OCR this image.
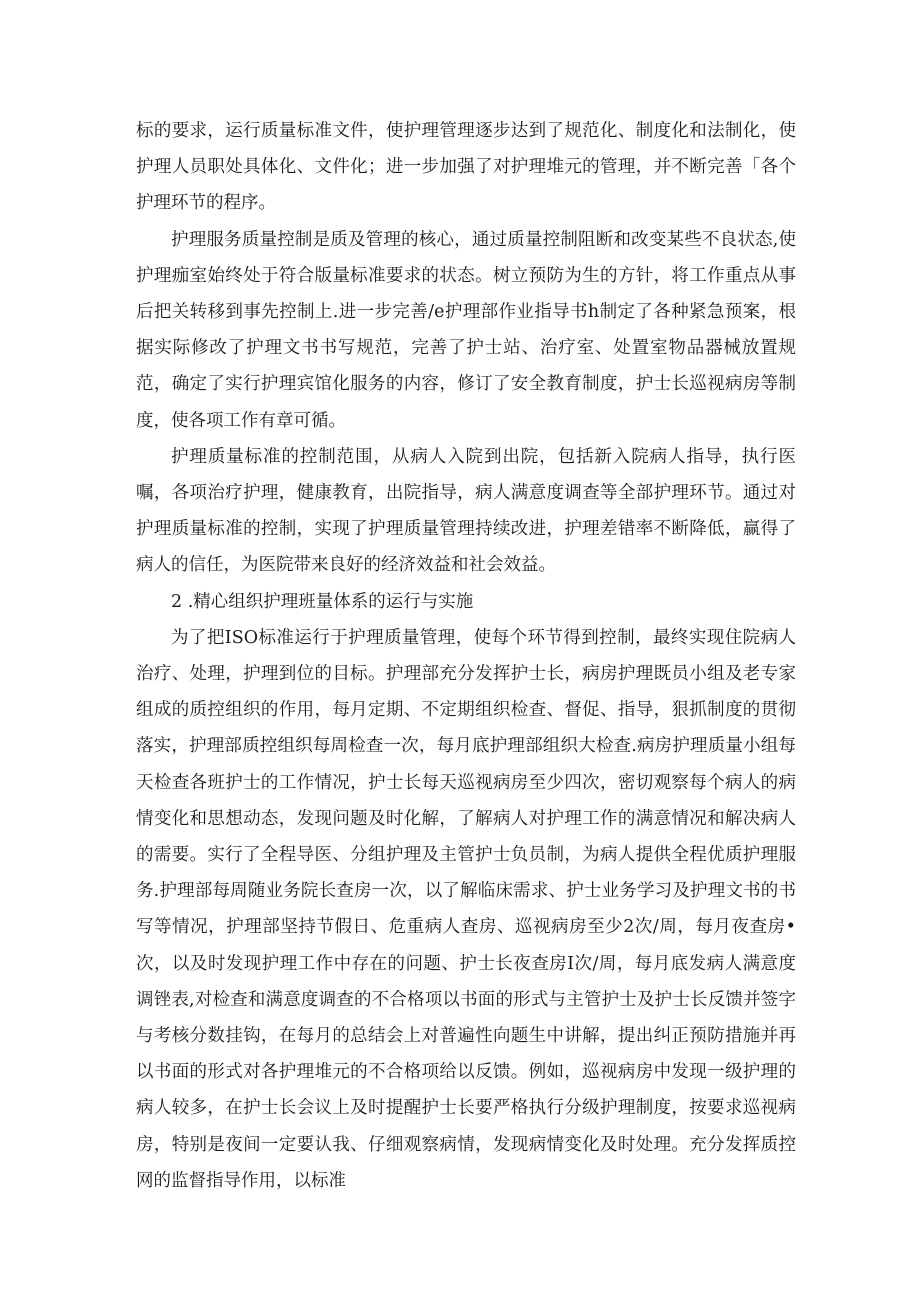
标的要求，运行质量标准文件，使护理管理逐步达到了规范化、制度化和法制化，使护理人员职处具体化、文件化；进一步加强了对护理堆元的管理，并不断完善「各个护理环节的程序。

护理服务质量控制是质及管理的核心，通过质量控制阻断和改变某些不良状态,使护理痂室始终处于符合版量标准要求的状态。树立预防为生的方针，将工作重点从事后把关转移到事先控制上.进一步完善/e护理部作业指导书h制定了各种紧急预案，根据实际修改了护理文书书写规范，完善了护士站、治疗室、处置室物品器械放置规范，确定了实行护理宾馆化服务的内容，修订了安全教育制度，护士长巡视病房等制度，使各项工作有章可循。

护理质量标准的控制范围，从病人入院到出院，包括新入院病人指导，执行医嘱，各项治疗护理，健康教育，出院指导，病人满意度调查等全部护理环节。通过对护理质量标准的控制，实现了护理质量管理持续改进，护理差错率不断降低，赢得了病人的信任，为医院带来良好的经济效益和社会效益。

2 .精心组织护理班量体系的运行与实施

为了把ISO标准运行于护理质量管理，使每个环节得到控制，最终实现住院病人治疗、处理，护理到位的目标。护理部充分发挥护士长，病房护理既员小组及老专家组成的质控组织的作用，每月定期、不定期组织检查、督促、指导，狠抓制度的贯彻落实，护理部质控组织每周检查一次，每月底护理部组织大检查.病房护理质量小组每天检查各班护士的工作情况，护士长每天巡视病房至少四次，密切观察每个病人的病情变化和思想动态，发现问题及时化解，了解病人对护理工作的满意情况和解决病人的需要。实行了全程导医、分组护理及主管护士负员制，为病人提供全程优质护理服务.护理部每周随业务院长查房一次，以了解临床需求、护士业务学习及护理文书的书写等情况，护理部坚持节假日、危重病人查房、巡视病房至少2次/周，每月夜查房•次，以及时发现护理工作中存在的问题、护士长夜查房I次/周，每月底发病人满意度调锉表,对检查和满意度调查的不合格项以书面的形式与主管护士及护士长反馈并签字与考核分数挂钩，在每月的总结会上对普遍性向题生中讲解，提出纠正预防措施并再以书面的形式对各护理堆元的不合格项给以反馈。例如，巡视病房中发现一级护理的病人较多，在护士长会议上及时提醒护士长要严格执行分级护理制度，按要求巡视病房，特别是夜间一定要认我、仔细观察病情，发现病情变化及时处理。充分发挥质控网的监督指导作用，以标准
